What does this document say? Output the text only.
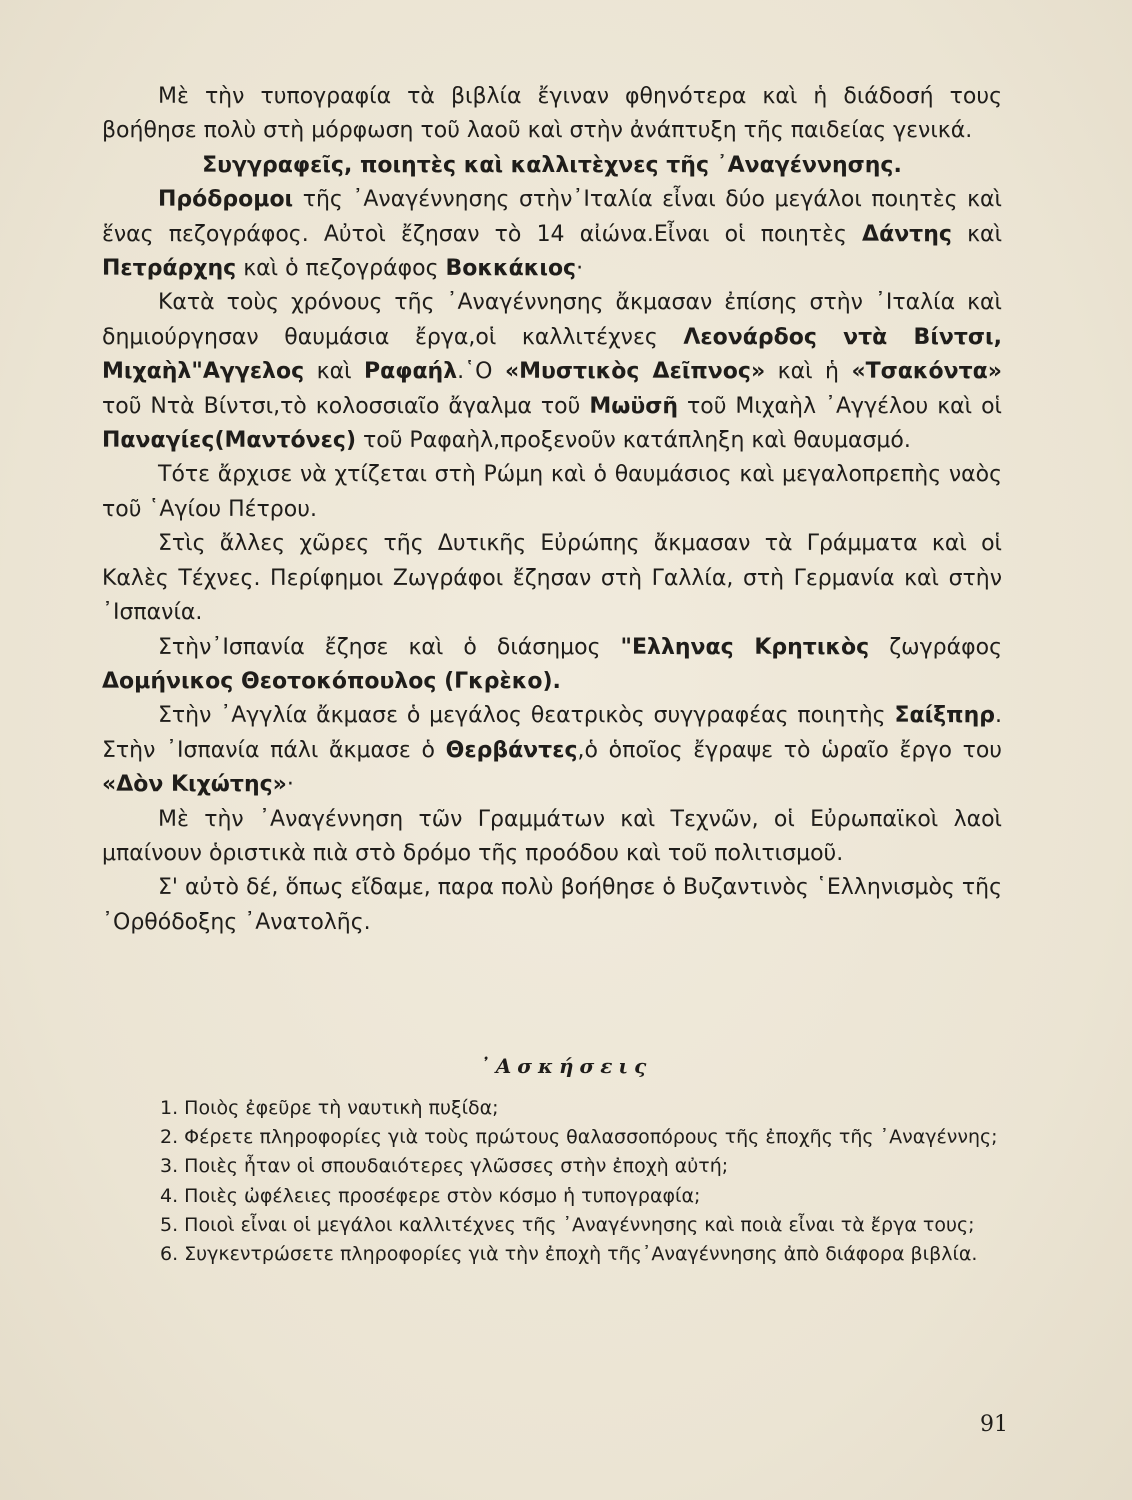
Μὲ τὴν τυπογραφία τὰ βιβλία ἔγιναν φθηνότερα καὶ ἡ διάδοσή τους βοήθησε πολὺ στὴ μόρφωση τοῦ λαοῦ καὶ στὴν ἀνάπτυξη τῆς παιδείας γενικά.

Συγγραφεῖς, ποιητὲς καὶ καλλιτὲχνες τῆς ᾿Αναγέννησης.

Πρόδρομοι τῆς ᾿Αναγέννησης στὴν᾿Ιταλία εἶναι δύο μεγάλοι ποιητὲς καὶ ἕνας πεζογράφος. Αὐτοὶ ἔζησαν τὸ 14 αἰώνα.Εἶναι οἱ ποιητὲς Δάντης καὶ Πετράρχης καὶ ὁ πεζογράφος Βοκκάκιος·

Κατὰ τοὺς χρόνους τῆς ᾿Αναγέννησης ἄκμασαν ἐπίσης στὴν ᾿Ιταλία καὶ δημιούργησαν θαυμάσια ἔργα,οἱ καλλιτέχνες Λεονάρδος ντὰ Βίντσι, Μιχαὴλ"Αγγελος καὶ Ραφαήλ.῾Ο «Μυστικὸς Δεῖπνος» καὶ ἡ «Τσακόντα» τοῦ Ντὰ Βίντσι,τὸ κολοσσιαῖο ἄγαλμα τοῦ Μωϋσῆ τοῦ Μιχαὴλ ᾿Αγγέλου καὶ οἱ Παναγίες(Μαντόνες) τοῦ Ραφαὴλ,προξενοῦν κατάπληξη καὶ θαυμασμό.

Τότε ἄρχισε νὰ χτίζεται στὴ Ρώμη καὶ ὁ θαυμάσιος καὶ μεγαλοπρεπὴς ναὸς τοῦ ῾Αγίου Πέτρου.

Στὶς ἄλλες χῶρες τῆς Δυτικῆς Εὐρώπης ἄκμασαν τὰ Γράμματα καὶ οἱ Καλὲς Τέχνες. Περίφημοι Ζωγράφοι ἔζησαν στὴ Γαλλία, στὴ Γερμανία καὶ στὴν ᾿Ισπανία.

Στὴν᾿Ισπανία ἔζησε καὶ ὁ διάσημος "Ελληνας Κρητικὸς ζωγράφος Δομήνικος Θεοτοκόπουλος (Γκρὲκο).

Στὴν ᾿Αγγλία ἄκμασε ὁ μεγάλος θεατρικὸς συγγραφέας ποιητὴς Σαίξπηρ. Στὴν ᾿Ισπανία πάλι ἄκμασε ὁ Θερβάντες,ὁ ὁποῖος ἔγραψε τὸ ὡραῖο ἔργο του «Δὸν Κιχώτης»·

Μὲ τὴν ᾿Αναγέννηση τῶν Γραμμάτων καὶ Τεχνῶν, οἱ Εὐρωπαϊκοὶ λαοὶ μπαίνουν ὁριστικὰ πιὰ στὸ δρόμο τῆς προόδου καὶ τοῦ πολιτισμοῦ.

Σ' αὐτὸ δέ, ὅπως εἴδαμε, παρα πολὺ βοήθησε ὁ Βυζαντινὸς ῾Ελληνισμὸς τῆς ᾿Ορθόδοξης ᾿Ανατολῆς.

᾿Ασκήσεις

1. Ποιὸς ἐφεῦρε τὴ ναυτικὴ πυξίδα;

2. Φέρετε πληροφορίες γιὰ τοὺς πρώτους θαλασσοπόρους τῆς ἐποχῆς τῆς ᾿Αναγέννης;

3. Ποιὲς ἦταν οἱ σπουδαιότερες γλῶσσες στὴν ἐποχὴ αὐτή;

4. Ποιὲς ὠφέλειες προσέφερε στὸν κόσμο ἡ τυπογραφία;

5. Ποιοὶ εἶναι οἱ μεγάλοι καλλιτέχνες τῆς ᾿Αναγέννησης καὶ ποιὰ εἶναι τὰ ἔργα τους;

6. Συγκεντρώσετε πληροφορίες γιὰ τὴν ἐποχὴ τῆς᾿Αναγέννησης ἀπὸ διάφορα βιβλία.

91
